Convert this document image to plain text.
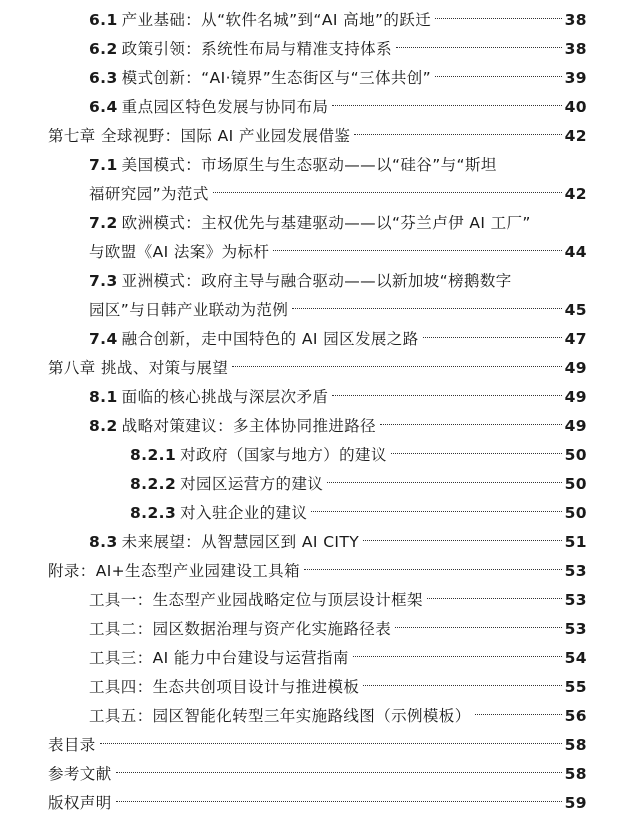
6.1 产业基础：从“软件名城”到“AI 高地”的跃迁	38
6.2 政策引领：系统性布局与精准支持体系	38
6.3 模式创新：“AI·镜界”生态街区与“三体共创”	39
6.4 重点园区特色发展与协同布局	40
第七章 全球视野：国际 AI 产业园发展借鉴	42
7.1 美国模式：市场原生与生态驱动——以“硅谷”与“斯坦
福研究园”为范式	42
7.2 欧洲模式：主权优先与基建驱动——以“芬兰卢伊 AI 工厂”
与欧盟《AI 法案》为标杆	44
7.3 亚洲模式：政府主导与融合驱动——以新加坡“榜鹅数字
园区”与日韩产业联动为范例	45
7.4 融合创新，走中国特色的 AI 园区发展之路	47
第八章 挑战、对策与展望	49
8.1 面临的核心挑战与深层次矛盾	49
8.2 战略对策建议：多主体协同推进路径	49
8.2.1 对政府（国家与地方）的建议	50
8.2.2 对园区运营方的建议	50
8.2.3 对入驻企业的建议	50
8.3 未来展望：从智慧园区到 AI CITY	51
附录：AI+生态型产业园建设工具箱	53
工具一：生态型产业园战略定位与顶层设计框架	53
工具二：园区数据治理与资产化实施路径表	53
工具三：AI 能力中台建设与运营指南	54
工具四：生态共创项目设计与推进模板	55
工具五：园区智能化转型三年实施路线图（示例模板）	56
表目录	58
参考文献	58
版权声明	59
